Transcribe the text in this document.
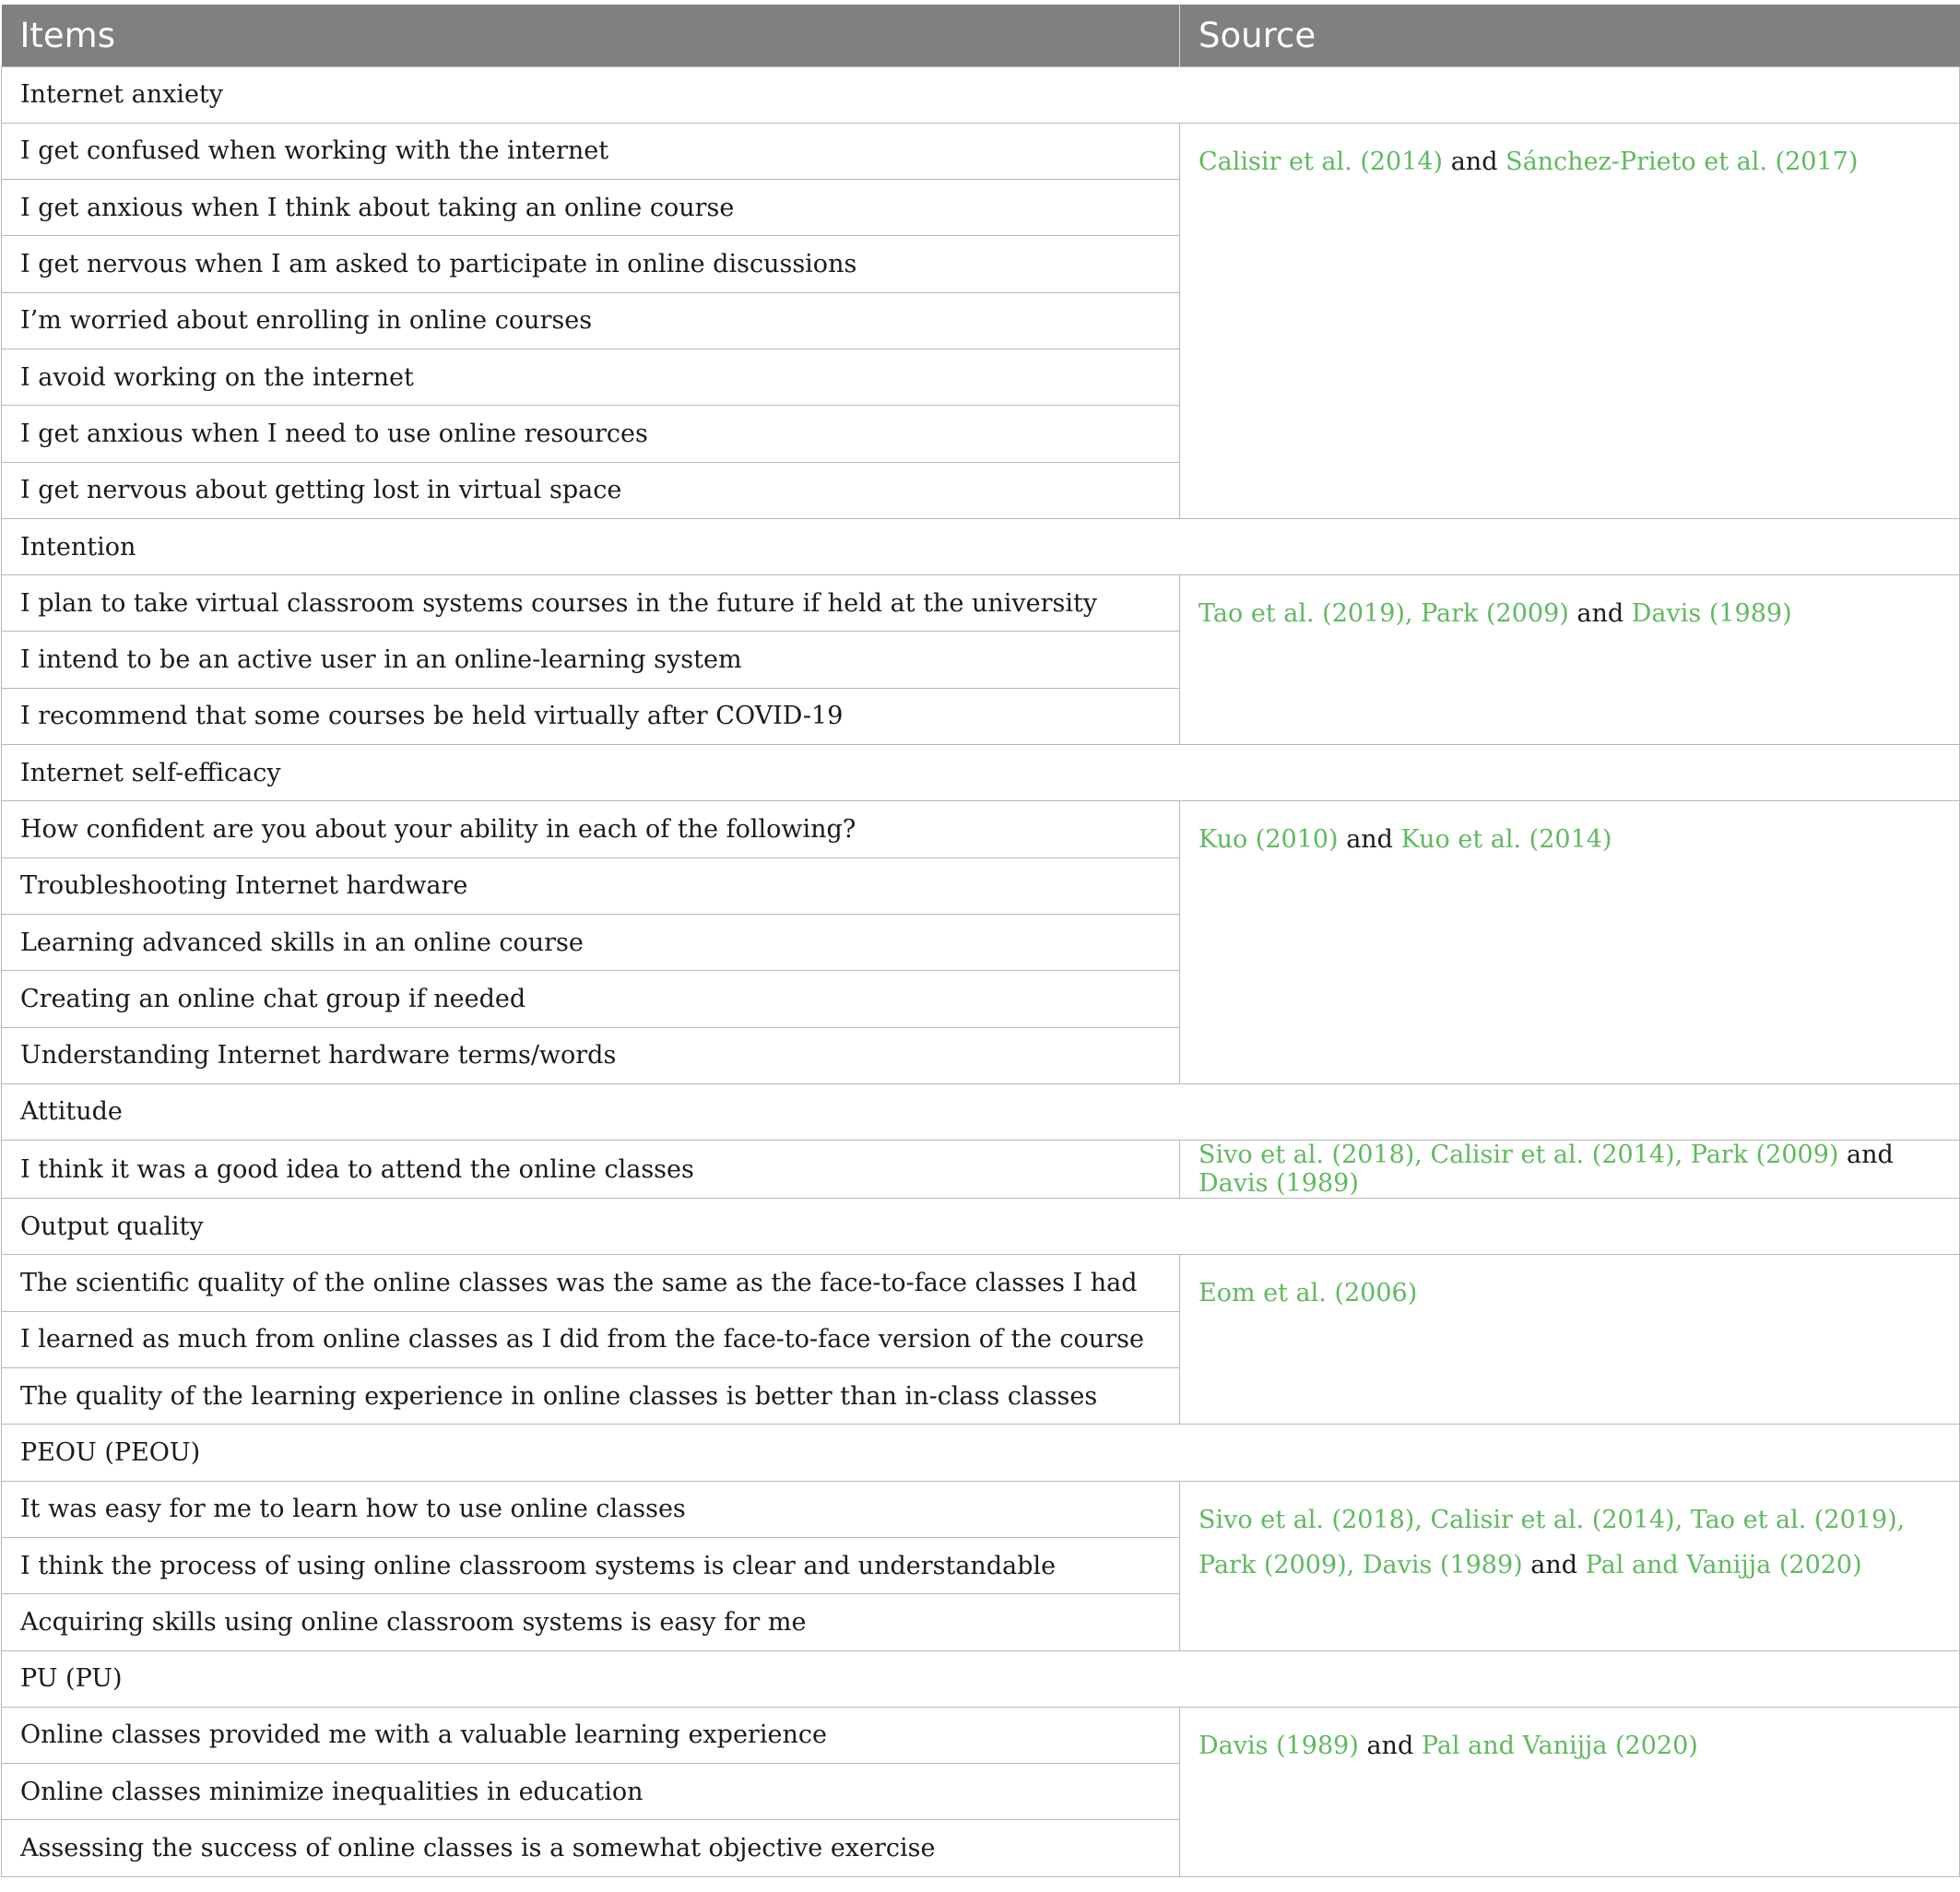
Items	Source
Internet anxiety	
I get confused when working with the internet	Calisir et al. (2014) and Sánchez-Prieto et al. (2017)
I get anxious when I think about taking an online course	
I get nervous when I am asked to participate in online discussions	
I’m worried about enrolling in online courses	
I avoid working on the internet	
I get anxious when I need to use online resources	
I get nervous about getting lost in virtual space	
Intention	
I plan to take virtual classroom systems courses in the future if held at the university	Tao et al. (2019), Park (2009) and Davis (1989)
I intend to be an active user in an online-learning system	
I recommend that some courses be held virtually after COVID-19	
Internet self-efficacy	
How confident are you about your ability in each of the following?	Kuo (2010) and Kuo et al. (2014)
Troubleshooting Internet hardware	
Learning advanced skills in an online course	
Creating an online chat group if needed	
Understanding Internet hardware terms/words	
Attitude	
I think it was a good idea to attend the online classes	Sivo et al. (2018), Calisir et al. (2014), Park (2009) and Davis (1989)
Output quality	
The scientific quality of the online classes was the same as the face-to-face classes I had	Eom et al. (2006)
I learned as much from online classes as I did from the face-to-face version of the course	
The quality of the learning experience in online classes is better than in-class classes	
PEOU (PEOU)	
It was easy for me to learn how to use online classes	Sivo et al. (2018), Calisir et al. (2014), Tao et al. (2019), Park (2009), Davis (1989) and Pal and Vanijja (2020)
I think the process of using online classroom systems is clear and understandable	
Acquiring skills using online classroom systems is easy for me	
PU (PU)	
Online classes provided me with a valuable learning experience	Davis (1989) and Pal and Vanijja (2020)
Online classes minimize inequalities in education	
Assessing the success of online classes is a somewhat objective exercise	
